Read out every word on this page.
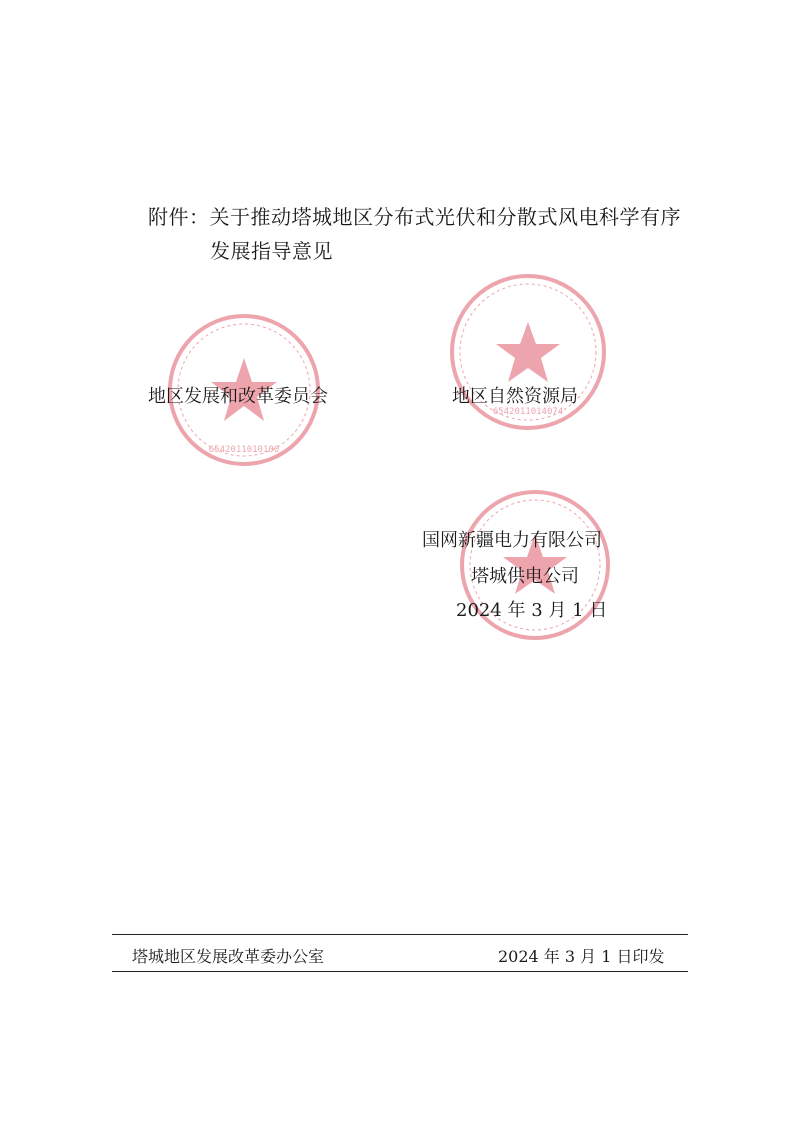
附件：关于推动塔城地区分布式光伏和分散式风电科学有序
发展指导意见
6542011010100
6542011014074
地区发展和改革委员会	地区自然资源局
国网新疆电力有限公司
塔城供电公司
2024 年 3 月 1 日
塔城地区发展改革委办公室	2024 年 3 月 1 日印发
